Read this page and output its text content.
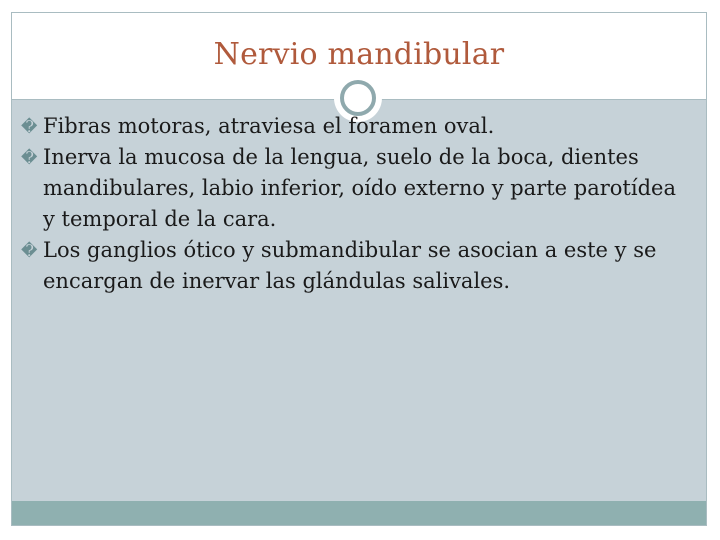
Nervio mandibular
� Fibras motoras, atraviesa el foramen oval.
� Inerva la mucosa de la lengua, suelo de la boca, dientes mandibulares, labio inferior, oído externo y parte parotídea y temporal de la cara.
� Los ganglios ótico y submandibular se asocian a este y se encargan de inervar las glándulas salivales.
